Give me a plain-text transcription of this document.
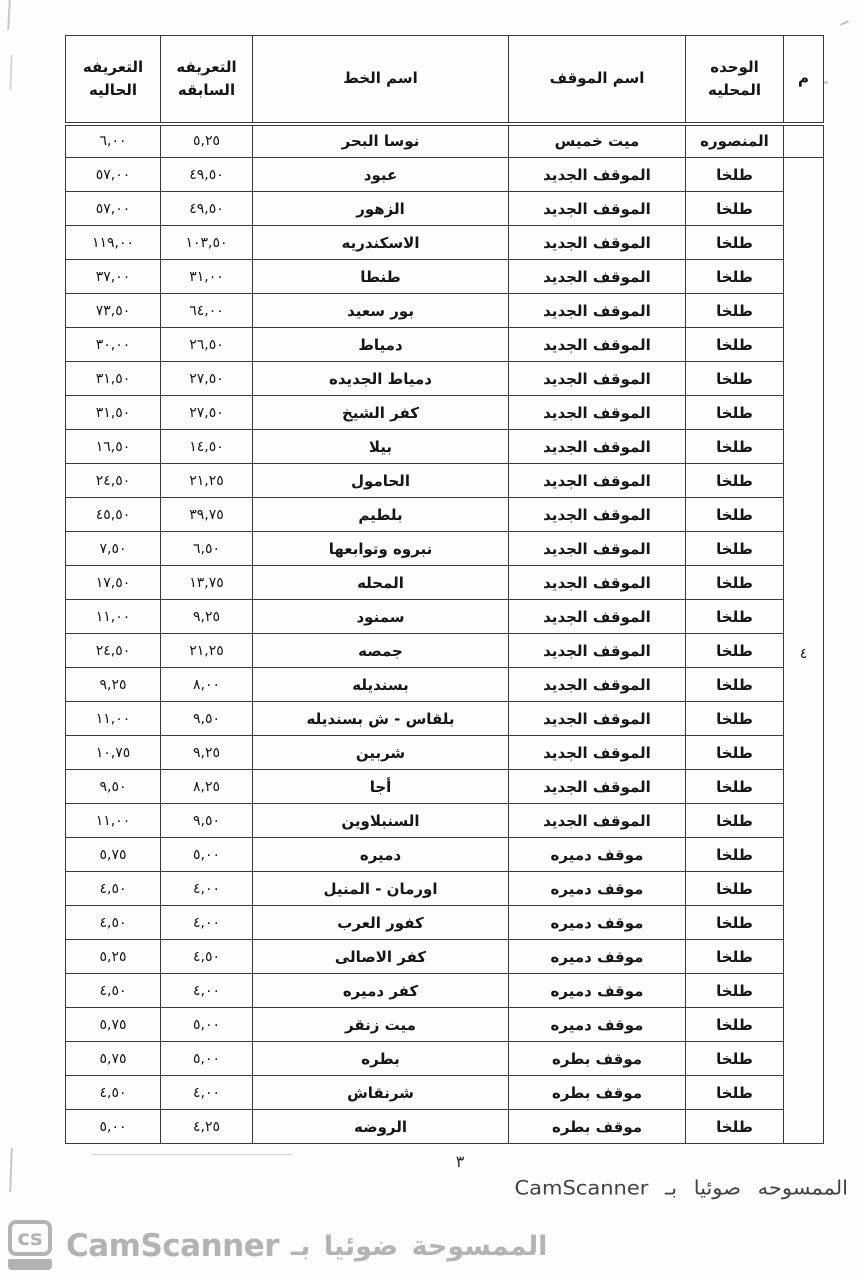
م	الوحده المحليه	اسم الموقف	اسم الخط	التعريفه السابقه	التعريفه الحاليه
	المنصوره	ميت خميس	نوسا البحر	٥,٢٥	٦,٠٠
٤	طلخا	الموقف الجديد	عبود	٤٩,٥٠	٥٧,٠٠
	طلخا	الموقف الجديد	الزهور	٤٩,٥٠	٥٧,٠٠
	طلخا	الموقف الجديد	الاسكندريه	١٠٣,٥٠	١١٩,٠٠
	طلخا	الموقف الجديد	طنطا	٣١,٠٠	٣٧,٠٠
	طلخا	الموقف الجديد	بور سعيد	٦٤,٠٠	٧٣,٥٠
	طلخا	الموقف الجديد	دمياط	٢٦,٥٠	٣٠,٠٠
	طلخا	الموقف الجديد	دمياط الجديده	٢٧,٥٠	٣١,٥٠
	طلخا	الموقف الجديد	كفر الشيخ	٢٧,٥٠	٣١,٥٠
	طلخا	الموقف الجديد	بيلا	١٤,٥٠	١٦,٥٠
	طلخا	الموقف الجديد	الحامول	٢١,٢٥	٢٤,٥٠
	طلخا	الموقف الجديد	بلطيم	٣٩,٧٥	٤٥,٥٠
	طلخا	الموقف الجديد	نبروه وتوابعها	٦,٥٠	٧,٥٠
	طلخا	الموقف الجديد	المحله	١٣,٧٥	١٧,٥٠
	طلخا	الموقف الجديد	سمنود	٩,٢٥	١١,٠٠
	طلخا	الموقف الجديد	جمصه	٢١,٢٥	٢٤,٥٠
	طلخا	الموقف الجديد	بسنديله	٨,٠٠	٩,٢٥
	طلخا	الموقف الجديد	بلقاس - ش بسنديله	٩,٥٠	١١,٠٠
	طلخا	الموقف الجديد	شربين	٩,٢٥	١٠,٧٥
	طلخا	الموقف الجديد	أجا	٨,٢٥	٩,٥٠
	طلخا	الموقف الجديد	السنبلاوين	٩,٥٠	١١,٠٠
	طلخا	موقف دميره	دميره	٥,٠٠	٥,٧٥
	طلخا	موقف دميره	اورمان - المنيل	٤,٠٠	٤,٥٠
	طلخا	موقف دميره	كفور العرب	٤,٠٠	٤,٥٠
	طلخا	موقف دميره	كفر الاصالى	٤,٥٠	٥,٢٥
	طلخا	موقف دميره	كفر دميره	٤,٠٠	٤,٥٠
	طلخا	موقف دميره	ميت زنقر	٥,٠٠	٥,٧٥
	طلخا	موقف بطره	بطره	٥,٠٠	٥,٧٥
	طلخا	موقف بطره	شرنقاش	٤,٠٠	٤,٥٠
	طلخا	موقف بطره	الروضه	٤,٢٥	٥,٠٠
٣
الممسوحه صوئيا بـ CamScanner
cs CamScanner الممسوحة ضوئيا بـ
